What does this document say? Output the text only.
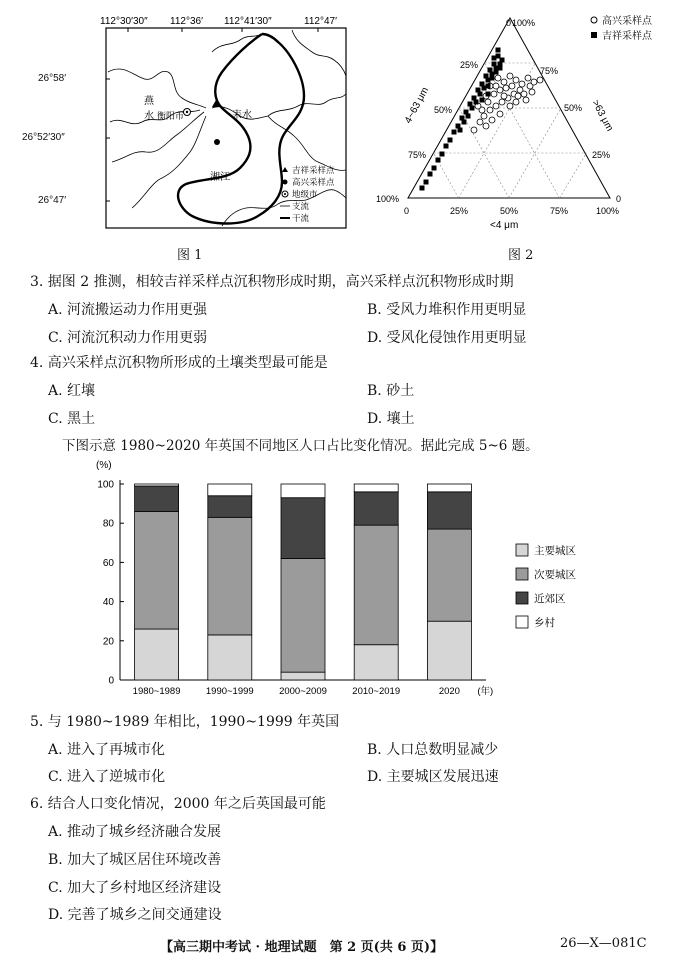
112°30′30″ 112°36′ 112°41′30″	112°47′
燕
水 衡阳市	耒水
湘江
吉祥采样点
高兴采样点
地级市
支流
干流
26°58′
26°52′30″
26°47′
图 1
0 100%
25%
50%
75%
100%
75%
50%
25%
0
0	25%	50%	75%	100%
4~63 μm	>63 μm
<4 μm
高兴采样点
吉祥采样点
图 2
3. 据图 2 推测，相较吉祥采样点沉积物形成时期，高兴采样点沉积物形成时期
A. 河流搬运动力作用更强	B. 受风力堆积作用更明显
C. 河流沉积动力作用更弱	D. 受风化侵蚀作用更明显
4. 高兴采样点沉积物所形成的土壤类型最可能是
A. 红壤	B. 砂土
C. 黑土	D. 壤土
下图示意 1980~2020 年英国不同地区人口占比变化情况。据此完成 5~6 题。
(%)
0
20
40
60
80
100
1980~1989	1990~1999	2000~2009	2010~2019	2020 (年)
主要城区
次要城区
近郊区
乡村
5. 与 1980~1989 年相比，1990~1999 年英国
A. 进入了再城市化	B. 人口总数明显减少
C. 进入了逆城市化	D. 主要城区发展迅速
6. 结合人口变化情况，2000 年之后英国最可能
A. 推动了城乡经济融合发展
B. 加大了城区居住环境改善
C. 加大了乡村地区经济建设
D. 完善了城乡之间交通建设
【高三期中考试 · 地理试题　第 2 页(共 6 页)】	26—X—081C
